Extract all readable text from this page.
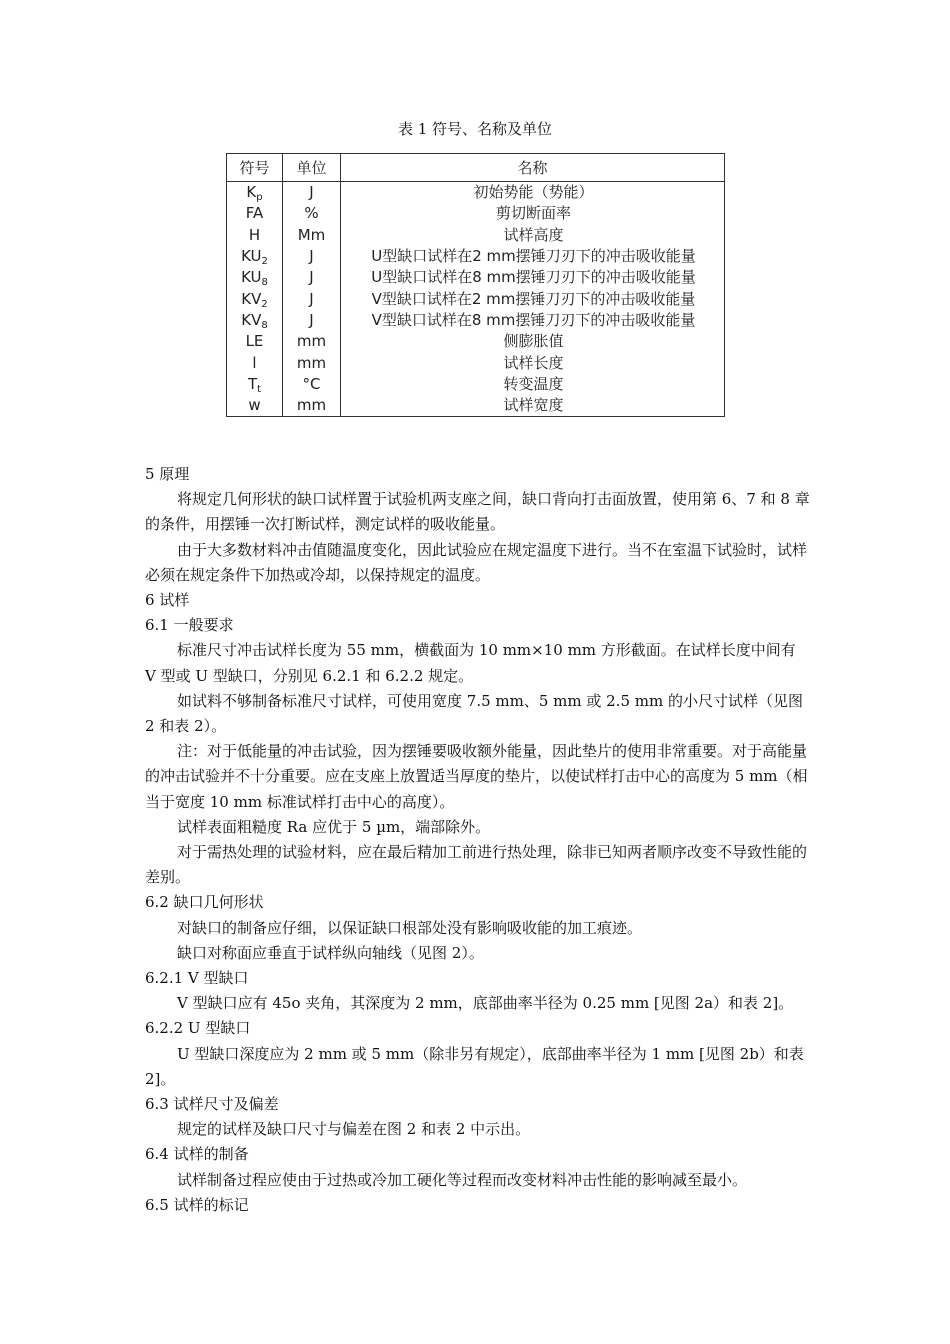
表 1 符号、名称及单位
符号	单位	名称
$K_p$	J	初始势能（势能）
FA	%	剪切断面率
H	Mm	试样高度
$KU_2$	J	U型缺口试样在2 mm摆锤刀刃下的冲击吸收能量
$KU_8$	J	U型缺口试样在8 mm摆锤刀刃下的冲击吸收能量
$KV_2$	J	V型缺口试样在2 mm摆锤刀刃下的冲击吸收能量
$KV_8$	J	V型缺口试样在8 mm摆锤刀刃下的冲击吸收能量
LE	mm	侧膨胀值
l	mm	试样长度
$T_t$	°C	转变温度
w	mm	试样宽度

5 原理

将规定几何形状的缺口试样置于试验机两支座之间，缺口背向打击面放置，使用第 6、7 和 8 章的条件，用摆锤一次打断试样，测定试样的吸收能量。

由于大多数材料冲击值随温度变化，因此试验应在规定温度下进行。当不在室温下试验时，试样必须在规定条件下加热或冷却，以保持规定的温度。

6 试样

6.1 一般要求

标准尺寸冲击试样长度为 55 mm，横截面为 10 mm×10 mm 方形截面。在试样长度中间有 V 型或 U 型缺口，分别见 6.2.1 和 6.2.2 规定。

如试料不够制备标准尺寸试样，可使用宽度 7.5 mm、5 mm 或 2.5 mm 的小尺寸试样（见图 2 和表 2）。

注：对于低能量的冲击试验，因为摆锤要吸收额外能量，因此垫片的使用非常重要。对于高能量的冲击试验并不十分重要。应在支座上放置适当厚度的垫片，以使试样打击中心的高度为 5 mm（相当于宽度 10 mm 标准试样打击中心的高度）。

试样表面粗糙度 Ra 应优于 5 µm，端部除外。

对于需热处理的试验材料，应在最后精加工前进行热处理，除非已知两者顺序改变不导致性能的差别。

6.2 缺口几何形状

对缺口的制备应仔细，以保证缺口根部处没有影响吸收能的加工痕迹。

缺口对称面应垂直于试样纵向轴线（见图 2）。

6.2.1 V 型缺口

V 型缺口应有 45o 夹角，其深度为 2 mm，底部曲率半径为 0.25 mm [见图 2a）和表 2]。

6.2.2 U 型缺口

U 型缺口深度应为 2 mm 或 5 mm（除非另有规定），底部曲率半径为 1 mm [见图 2b）和表 2]。

6.3 试样尺寸及偏差

规定的试样及缺口尺寸与偏差在图 2 和表 2 中示出。

6.4 试样的制备

试样制备过程应使由于过热或冷加工硬化等过程而改变材料冲击性能的影响减至最小。

6.5 试样的标记
